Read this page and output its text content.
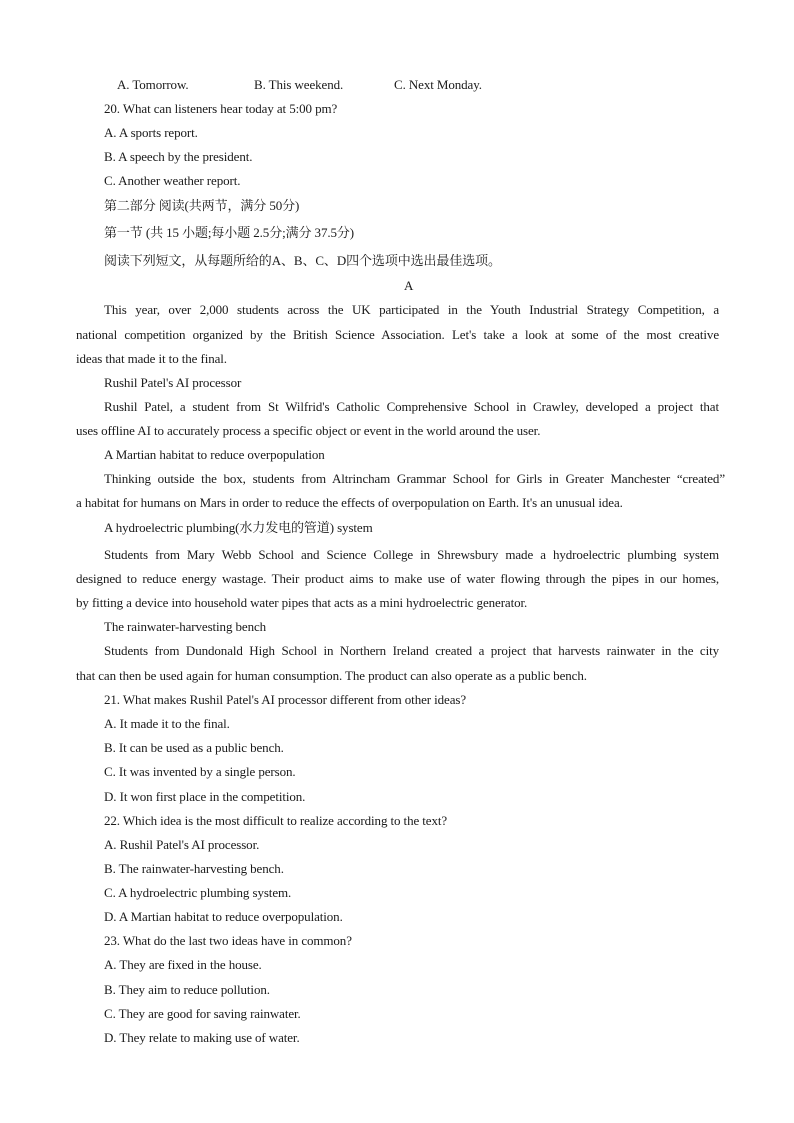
A. Tomorrow.	B. This weekend.	C. Next Monday.
20. What can listeners hear today at 5:00 pm?
A. A sports report.
B. A speech by the president.
C. Another weather report.
第二部分 阅读(共两节，满分 50分)
第一节 (共 15 小题;每小题 2.5分;满分 37.5分)
阅读下列短文，从每题所给的A、B、C、D四个选项中选出最佳选项。
A
This year, over 2,000 students across the UK participated in the Youth Industrial Strategy Competition, a
national competition organized by the British Science Association. Let's take a look at some of the most creative
ideas that made it to the final.
Rushil Patel's AI processor
Rushil Patel, a student from St Wilfrid's Catholic Comprehensive School in Crawley, developed a project that
uses offline AI to accurately process a specific object or event in the world around the user.
A Martian habitat to reduce overpopulation
Thinking outside the box, students from Altrincham Grammar School for Girls in Greater Manchester “created”
a habitat for humans on Mars in order to reduce the effects of overpopulation on Earth. It's an unusual idea.
A hydroelectric plumbing(水力发电的管道) system
Students from Mary Webb School and Science College in Shrewsbury made a hydroelectric plumbing system
designed to reduce energy wastage. Their product aims to make use of water flowing through the pipes in our homes,
by fitting a device into household water pipes that acts as a mini hydroelectric generator.
The rainwater-harvesting bench
Students from Dundonald High School in Northern Ireland created a project that harvests rainwater in the city
that can then be used again for human consumption. The product can also operate as a public bench.
21. What makes Rushil Patel's AI processor different from other ideas?
A. It made it to the final.
B. It can be used as a public bench.
C. It was invented by a single person.
D. It won first place in the competition.
22. Which idea is the most difficult to realize according to the text?
A. Rushil Patel's AI processor.
B. The rainwater-harvesting bench.
C. A hydroelectric plumbing system.
D. A Martian habitat to reduce overpopulation.
23. What do the last two ideas have in common?
A. They are fixed in the house.
B. They aim to reduce pollution.
C. They are good for saving rainwater.
D. They relate to making use of water.
